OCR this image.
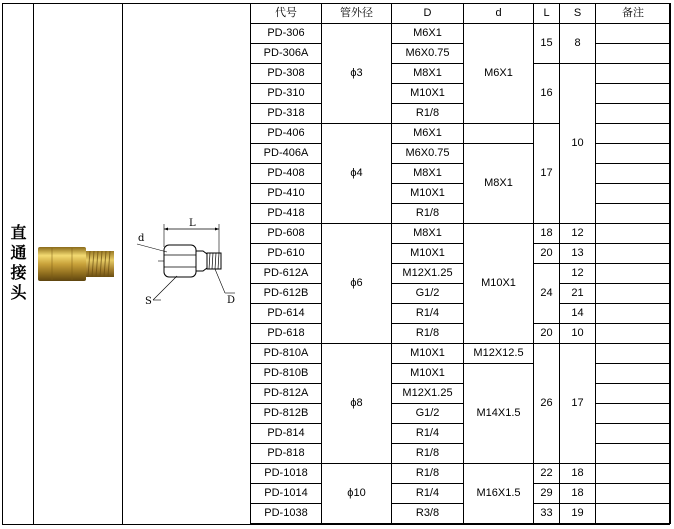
直通接头
L
d
S	D
代号	管外径	D	d	L	S	备注
PD-306	ϕ3	M6X1	M6X1	15	8	
PD-306A		M6X0.75				
PD-308		M8X1		16	10	
PD-310		M10X1				
PD-318		R1/8				
PD-406	ϕ4	M6X1		17		
PD-406A		M6X0.75	M8X1			
PD-408		M8X1				
PD-410		M10X1				
PD-418		R1/8				
PD-608	ϕ6	M8X1	M10X1	18	12	
PD-610		M10X1		20	13	
PD-612A		M12X1.25		24	12	
PD-612B		G1/2			21	
PD-614		R1/4			14	
PD-618		R1/8		20	10	
PD-810A	ϕ8	M10X1	M12X12.5	26	17	
PD-810B		M10X1	M14X1.5			
PD-812A		M12X1.25				
PD-812B		G1/2				
PD-814		R1/4				
PD-818		R1/8				
PD-1018	ϕ10	R1/8	M16X1.5	22	18	
PD-1014		R1/4		29	18	
PD-1038		R3/8		33	19	
